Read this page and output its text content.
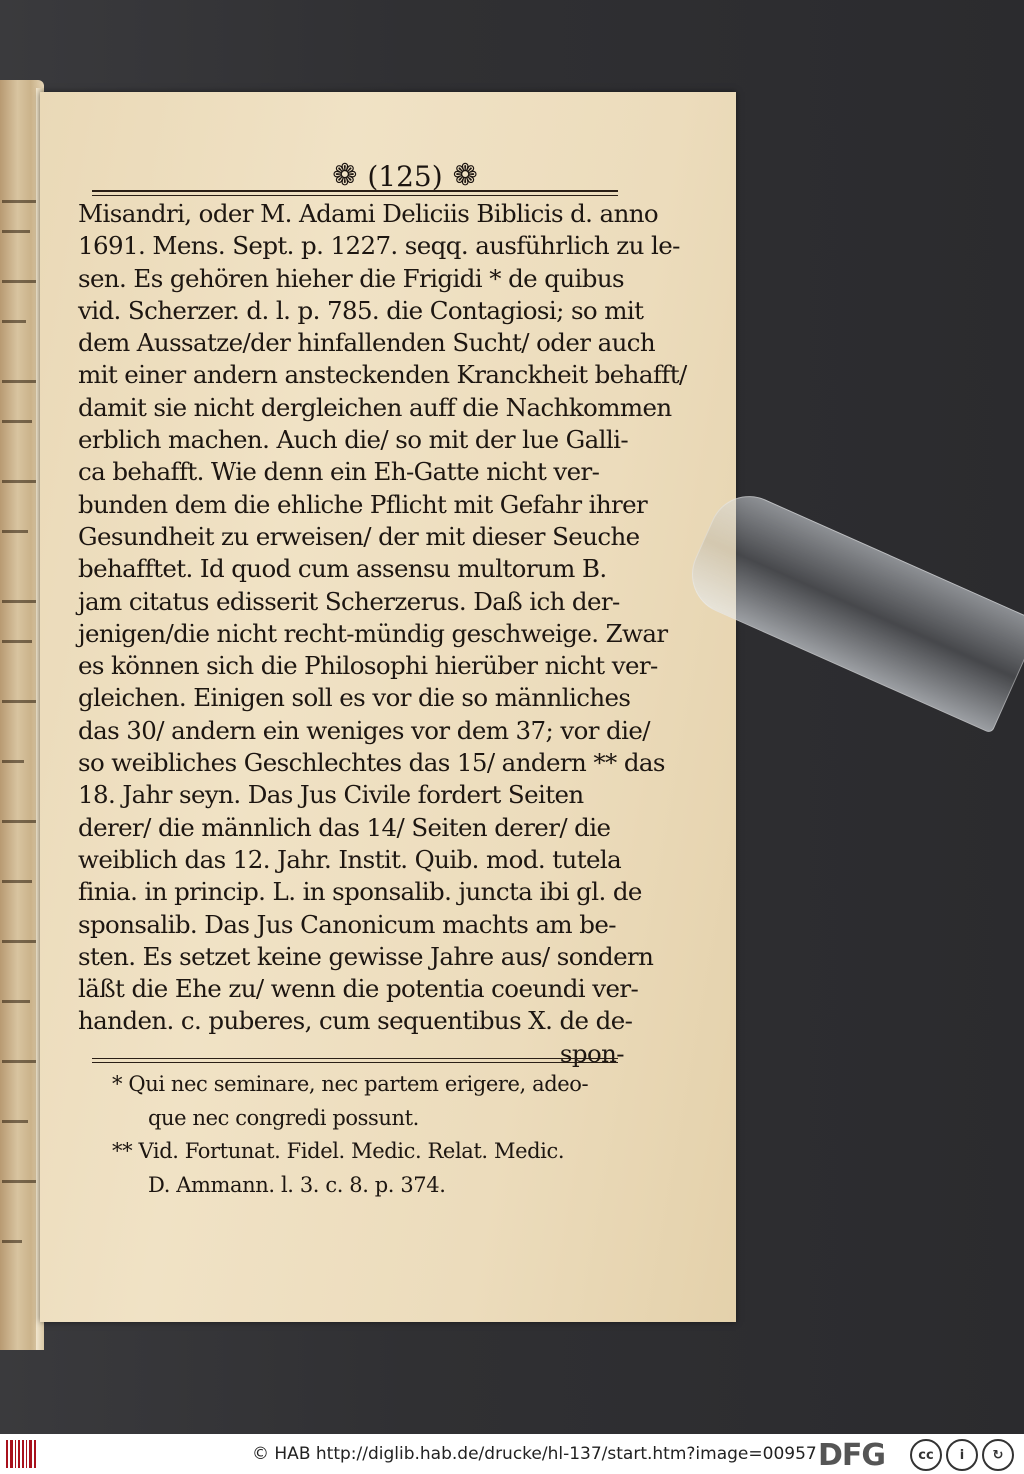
❁ (125) ❁
Misandri, oder M. Adami Deliciis Biblicis d. anno
1691. Mens. Sept. p. 1227. seqq. ausführlich zu le-
sen. Es gehören hieher die Frigidi * de quibus
vid. Scherzer. d. l. p. 785. die Contagiosi; so mit
dem Aussatze/der hinfallenden Sucht/ oder auch
mit einer andern ansteckenden Kranckheit behafft/
damit sie nicht dergleichen auff die Nachkommen
erblich machen. Auch die/ so mit der lue Galli-
ca behafft. Wie denn ein Eh-Gatte nicht ver-
bunden dem die ehliche Pflicht mit Gefahr ihrer
Gesundheit zu erweisen/ der mit dieser Seuche
behafftet. Id quod cum assensu multorum B.
jam citatus edisserit Scherzerus. Daß ich der-
jenigen/die nicht recht-mündig geschweige. Zwar
es können sich die Philosophi hierüber nicht ver-
gleichen. Einigen soll es vor die so männliches
das 30/ andern ein weniges vor dem 37; vor die/
so weibliches Geschlechtes das 15/ andern ** das
18. Jahr seyn. Das Jus Civile fordert Seiten
derer/ die männlich das 14/ Seiten derer/ die
weiblich das 12. Jahr. Instit. Quib. mod. tutela
finia. in princip. L. in sponsalib. juncta ibi gl. de
sponsalib. Das Jus Canonicum machts am be-
sten. Es setzet keine gewisse Jahre aus/ sondern
läßt die Ehe zu/ wenn die potentia coeundi ver-
handen. c. puberes, cum sequentibus X. de de-
spon-
* Qui nec seminare, nec partem erigere, adeo-
que nec congredi possunt.
** Vid. Fortunat. Fidel. Medic. Relat. Medic.
D. Ammann. l. 3. c. 8. p. 374.
© HAB http://diglib.hab.de/drucke/hl-137/start.htm?image=00957 DFG	cc	i	↻
